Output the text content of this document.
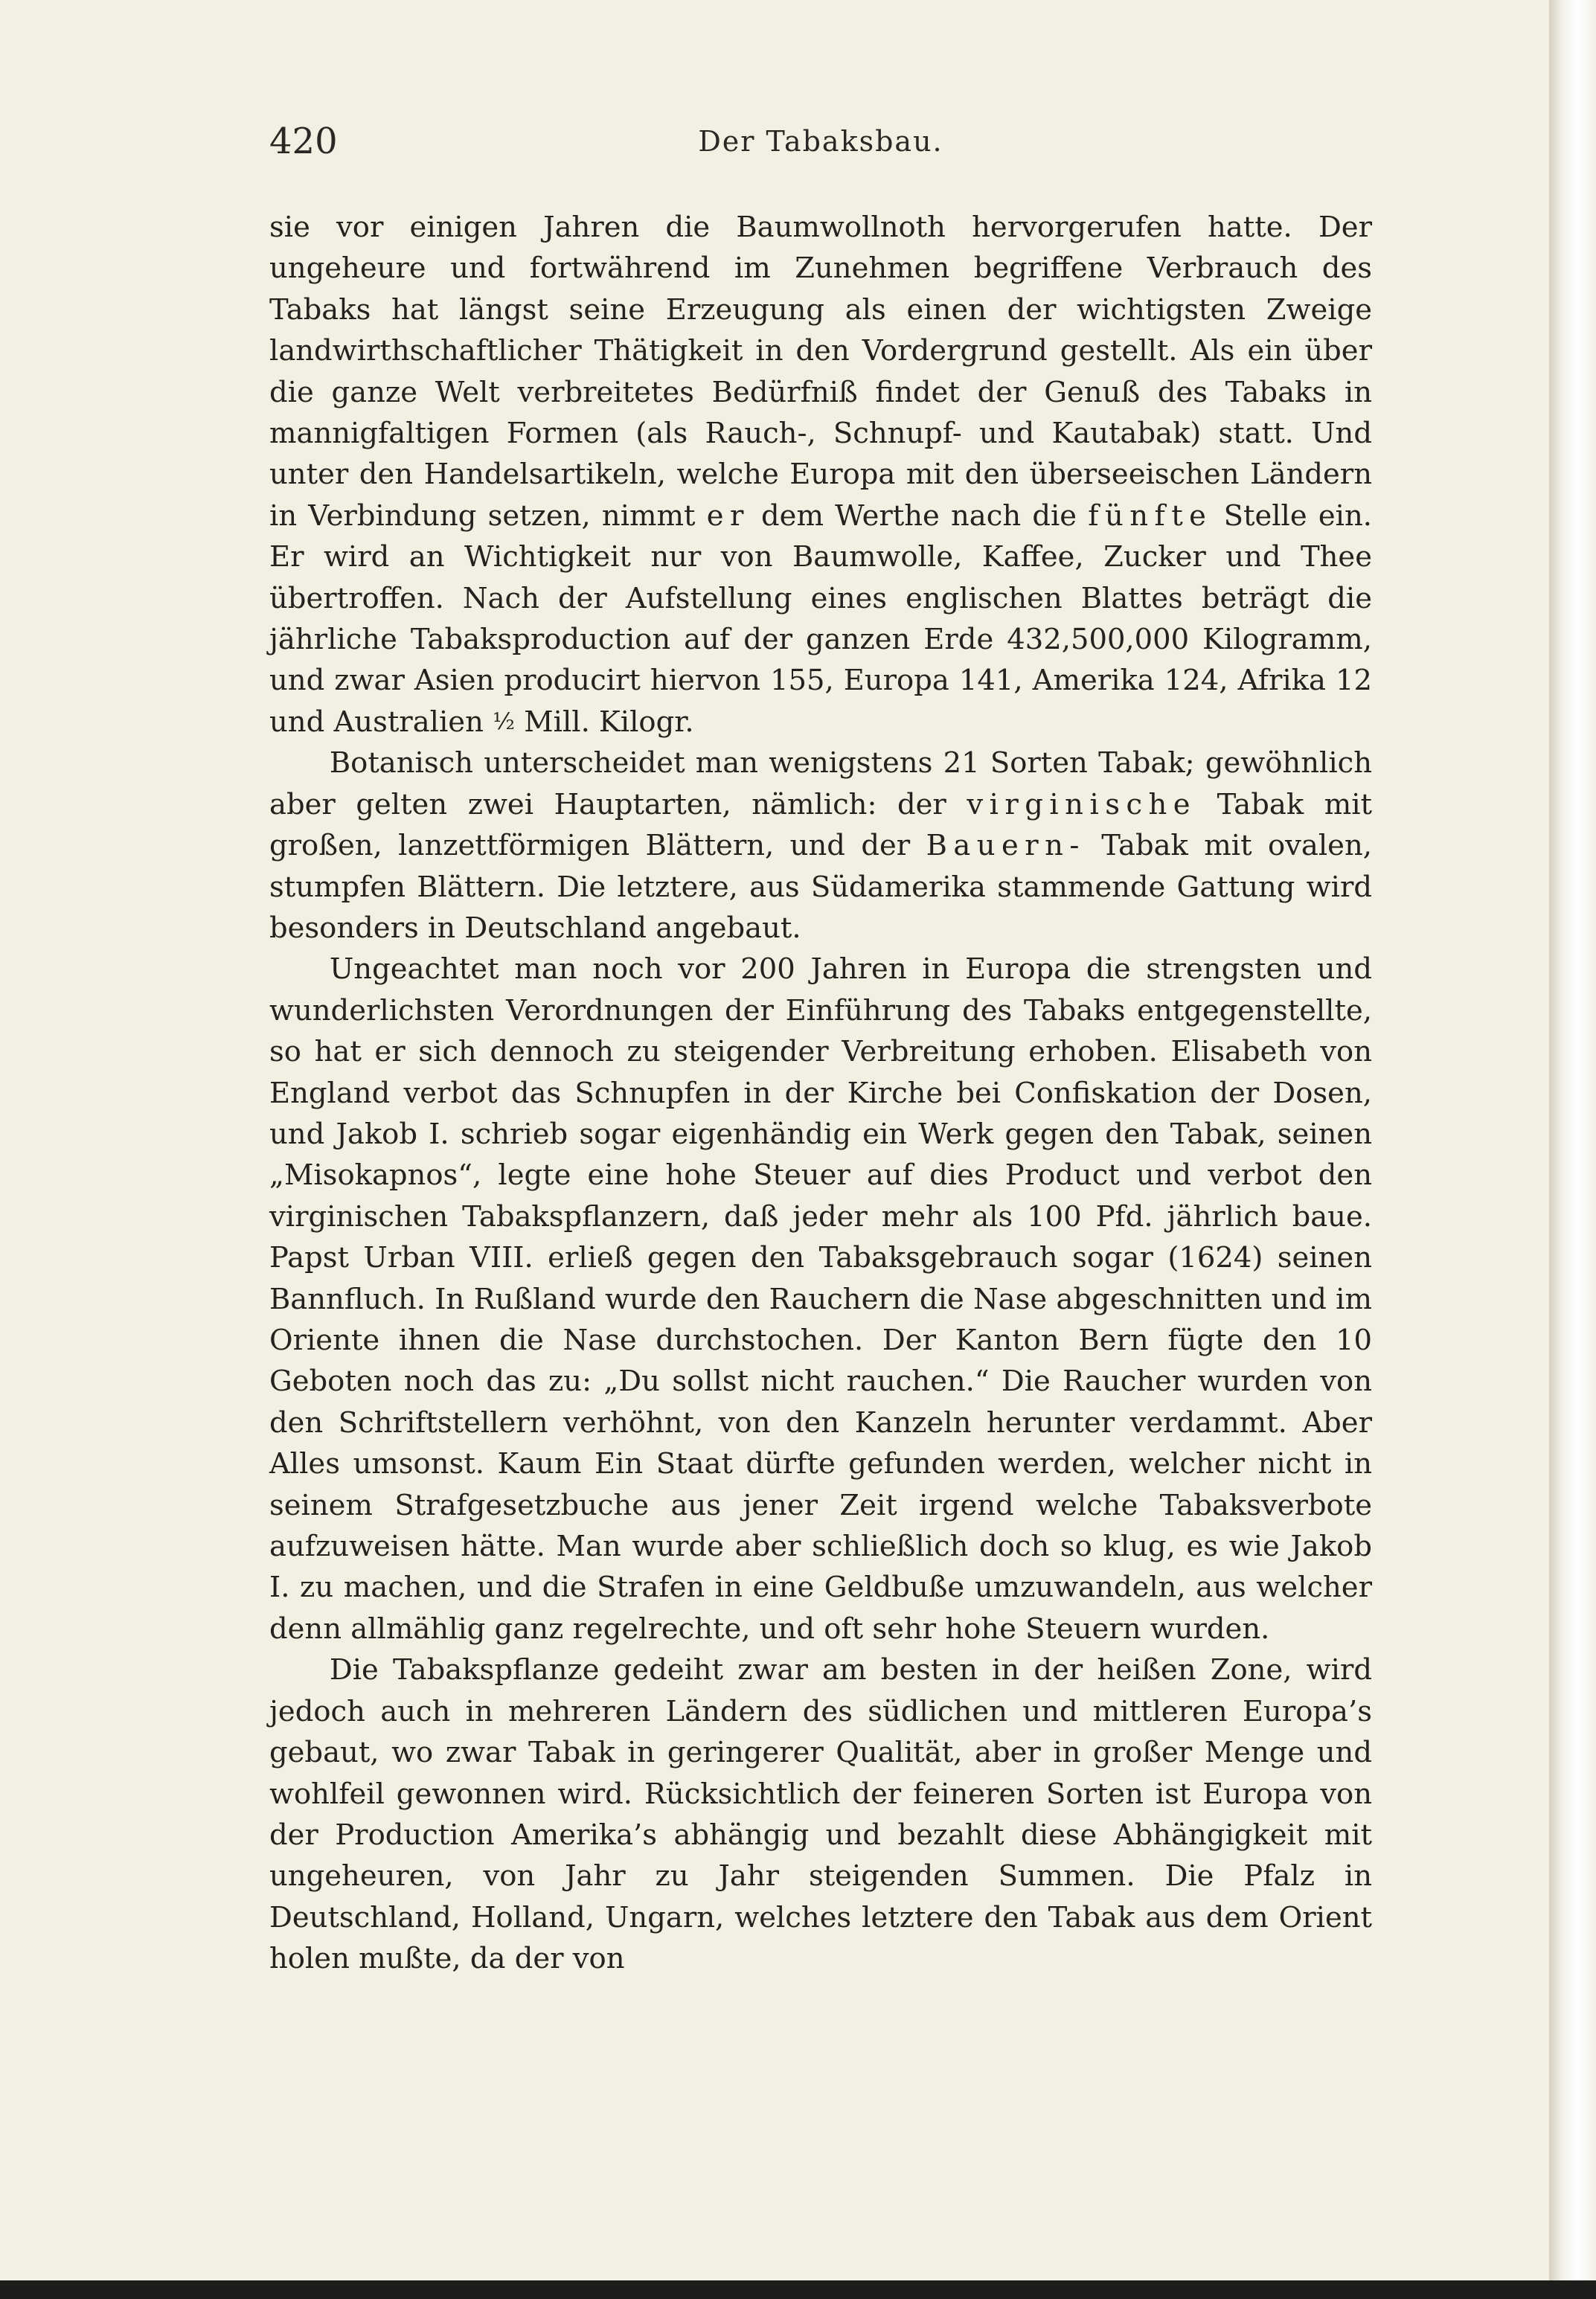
420	Der Tabaksbau.

sie vor einigen Jahren die Baumwollnoth hervorgerufen hatte. Der ungeheure und fortwährend im Zunehmen begriffene Verbrauch des Tabaks hat längst seine Erzeugung als einen der wichtigsten Zweige landwirthschaftlicher Thätigkeit in den Vordergrund gestellt. Als ein über die ganze Welt verbreitetes Bedürfniß findet der Genuß des Tabaks in mannigfaltigen Formen (als Rauch-, Schnupf- und Kautabak) statt. Und unter den Handelsartikeln, welche Europa mit den überseeischen Ländern in Verbindung setzen, nimmt er dem Werthe nach die fünfte Stelle ein. Er wird an Wichtigkeit nur von Baumwolle, Kaffee, Zucker und Thee übertroffen. Nach der Aufstellung eines englischen Blattes beträgt die jährliche Tabaksproduction auf der ganzen Erde 432,500,000 Kilogramm, und zwar Asien producirt hiervon 155, Europa 141, Amerika 124, Afrika 12 und Australien ½ Mill. Kilogr.

Botanisch unterscheidet man wenigstens 21 Sorten Tabak; gewöhnlich aber gelten zwei Hauptarten, nämlich: der virginische Tabak mit großen, lanzettförmigen Blättern, und der Bauern- Tabak mit ovalen, stumpfen Blättern. Die letztere, aus Südamerika stammende Gattung wird besonders in Deutschland angebaut.

Ungeachtet man noch vor 200 Jahren in Europa die strengsten und wunderlichsten Verordnungen der Einführung des Tabaks entgegenstellte, so hat er sich dennoch zu steigender Verbreitung erhoben. Elisabeth von England verbot das Schnupfen in der Kirche bei Confiskation der Dosen, und Jakob I. schrieb sogar eigenhändig ein Werk gegen den Tabak, seinen „Misokapnos“, legte eine hohe Steuer auf dies Product und verbot den virginischen Tabakspflanzern, daß jeder mehr als 100 Pfd. jährlich baue. Papst Urban VIII. erließ gegen den Tabaksgebrauch sogar (1624) seinen Bannfluch. In Rußland wurde den Rauchern die Nase abgeschnitten und im Oriente ihnen die Nase durchstochen. Der Kanton Bern fügte den 10 Geboten noch das zu: „Du sollst nicht rauchen.“ Die Raucher wurden von den Schriftstellern verhöhnt, von den Kanzeln herunter verdammt. Aber Alles umsonst. Kaum Ein Staat dürfte gefunden werden, welcher nicht in seinem Strafgesetzbuche aus jener Zeit irgend welche Tabaksverbote aufzuweisen hätte. Man wurde aber schließlich doch so klug, es wie Jakob I. zu machen, und die Strafen in eine Geldbuße umzuwandeln, aus welcher denn allmählig ganz regelrechte, und oft sehr hohe Steuern wurden.

Die Tabakspflanze gedeiht zwar am besten in der heißen Zone, wird jedoch auch in mehreren Ländern des südlichen und mittleren Europa’s gebaut, wo zwar Tabak in geringerer Qualität, aber in großer Menge und wohlfeil gewonnen wird. Rücksichtlich der feineren Sorten ist Europa von der Production Amerika’s abhängig und bezahlt diese Abhängigkeit mit ungeheuren, von Jahr zu Jahr steigenden Summen. Die Pfalz in Deutschland, Holland, Ungarn, welches letztere den Tabak aus dem Orient holen mußte, da der von
